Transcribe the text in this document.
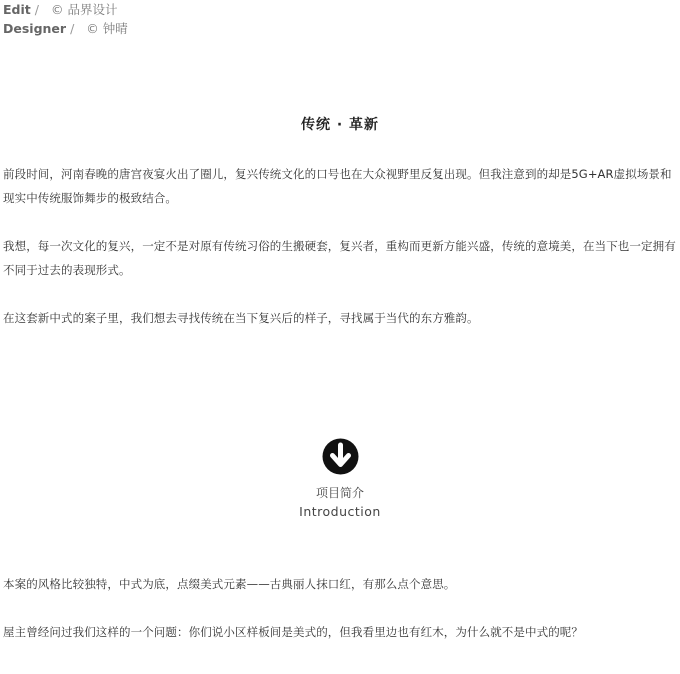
Edit / © 品界设计
Designer / © 钟晴
传统 · 革新

前段时间，河南春晚的唐宫夜宴火出了圈儿，复兴传统文化的口号也在大众视野里反复出现。但我注意到的却是5G+AR虚拟场景和现实中传统服饰舞步的极致结合。

我想，每一次文化的复兴，一定不是对原有传统习俗的生搬硬套，复兴者，重构而更新方能兴盛，传统的意境美，在当下也一定拥有不同于过去的表现形式。

在这套新中式的案子里，我们想去寻找传统在当下复兴后的样子，寻找属于当代的东方雅韵。

项目简介
Introduction

本案的风格比较独特，中式为底，点缀美式元素——古典丽人抹口红，有那么点个意思。

屋主曾经问过我们这样的一个问题：你们说小区样板间是美式的，但我看里边也有红木，为什么就不是中式的呢？
